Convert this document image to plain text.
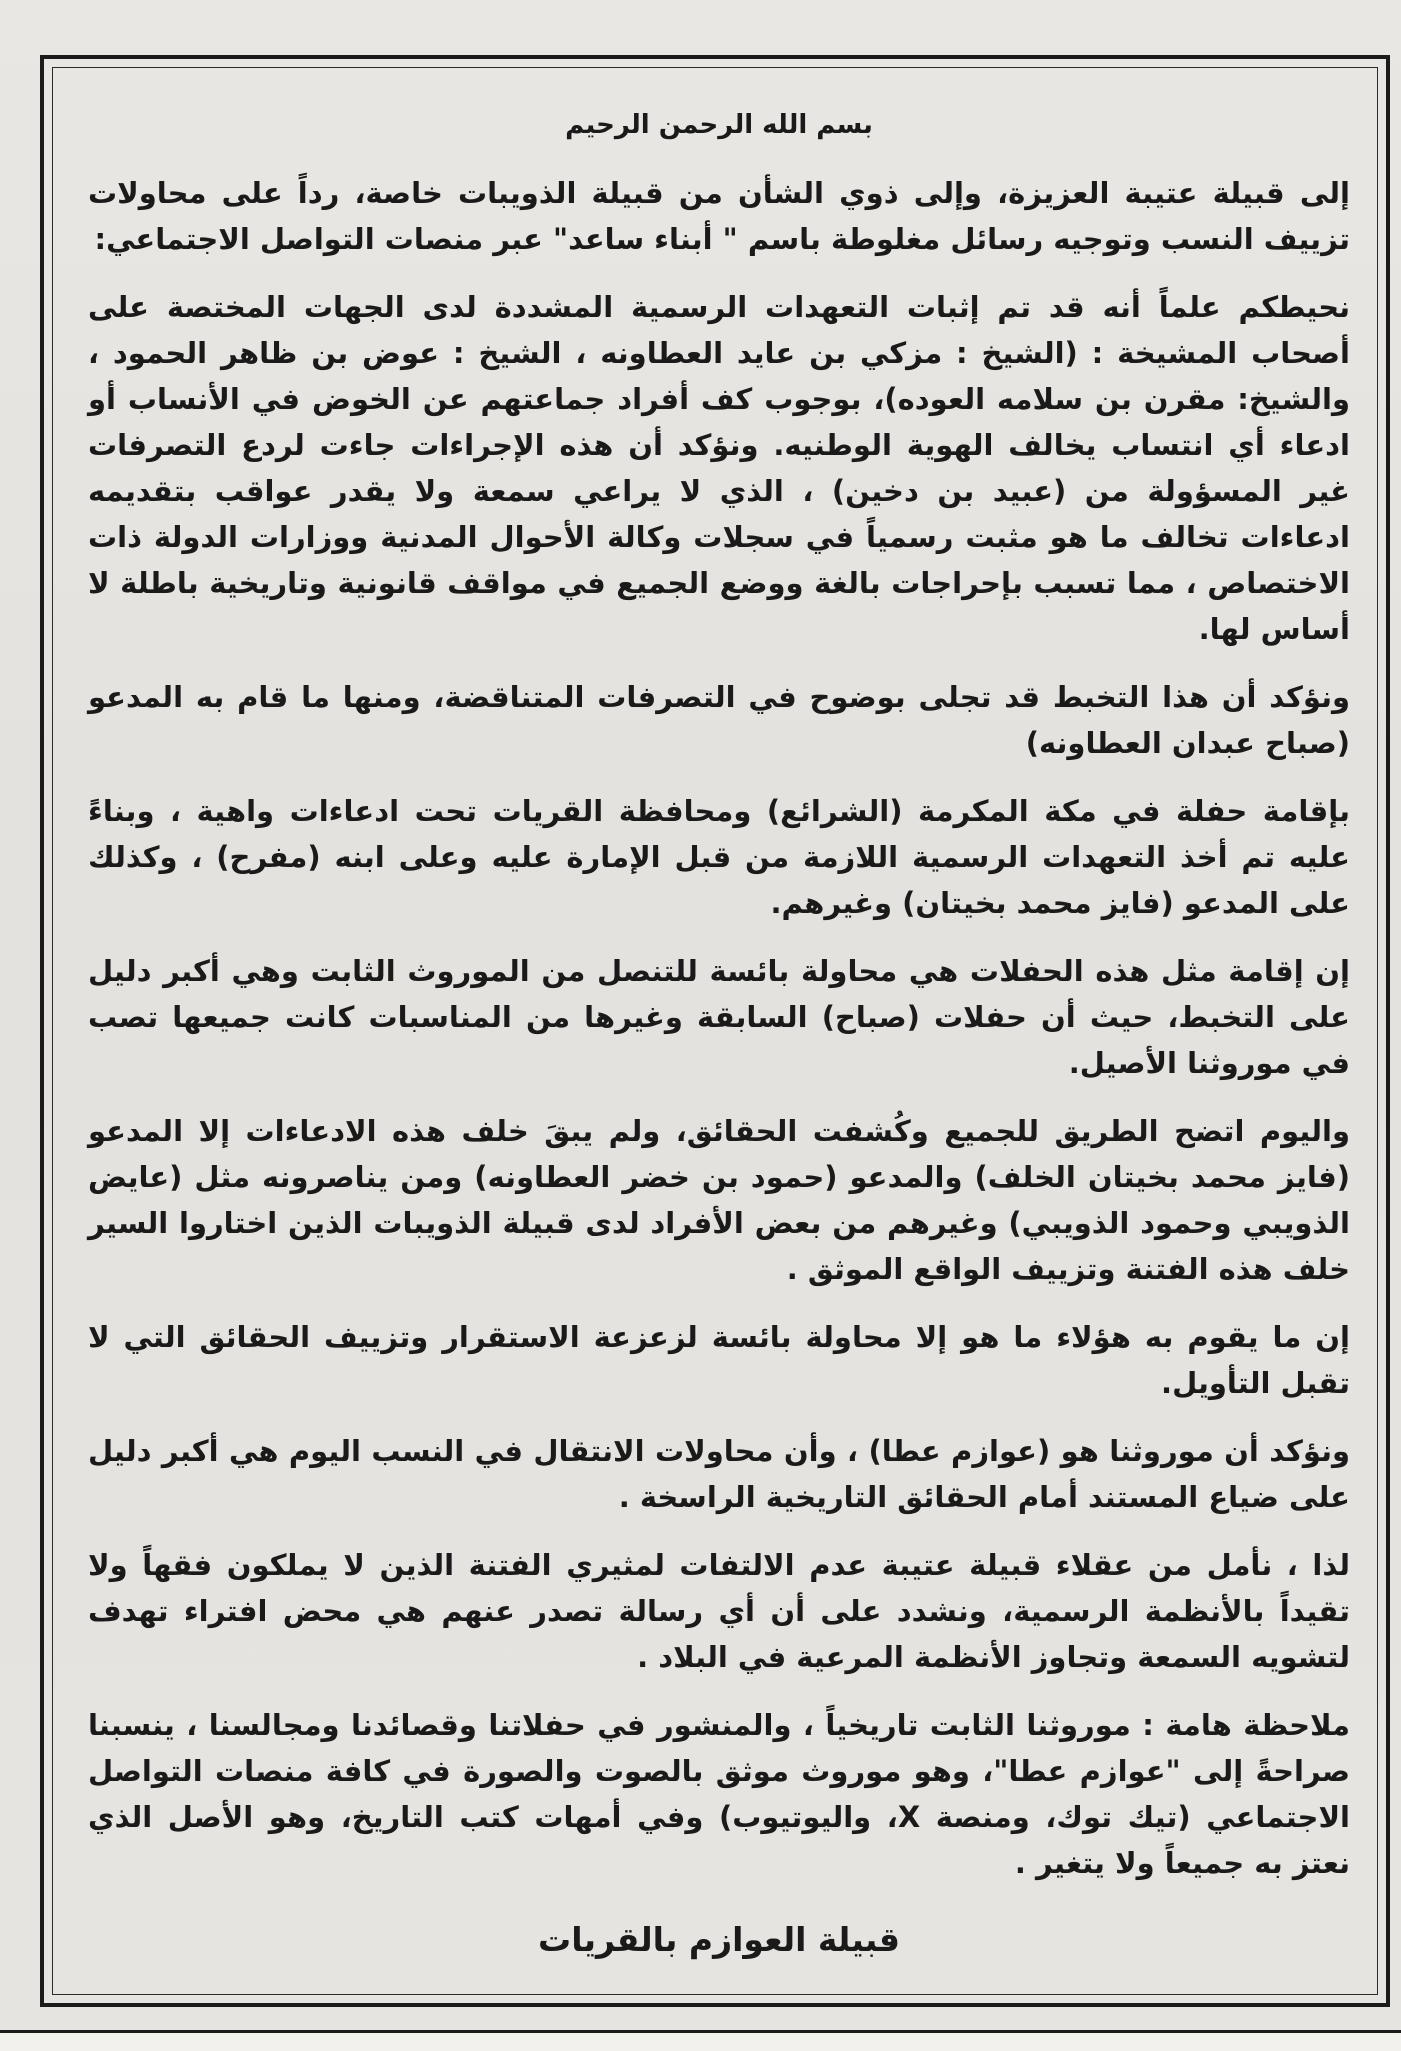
بسم الله الرحمن الرحيم

إلى قبيلة عتيبة العزيزة، وإلى ذوي الشأن من قبيلة الذويبات خاصة، رداً على محاولات تزييف النسب وتوجيه رسائل مغلوطة باسم " أبناء ساعد" عبر منصات التواصل الاجتماعي:

نحيطكم علماً أنه قد تم إثبات التعهدات الرسمية المشددة لدى الجهات المختصة على أصحاب المشيخة : (الشيخ : مزكي بن عايد العطاونه ، الشيخ : عوض بن ظاهر الحمود ، والشيخ: مقرن بن سلامه العوده)، بوجوب كف أفراد جماعتهم عن الخوض في الأنساب أو ادعاء أي انتساب يخالف الهوية الوطنيه. ونؤكد أن هذه الإجراءات جاءت لردع التصرفات غير المسؤولة من (عبيد بن دخين) ، الذي لا يراعي سمعة ولا يقدر عواقب بتقديمه ادعاءات تخالف ما هو مثبت رسمياً في سجلات وكالة الأحوال المدنية ووزارات الدولة ذات الاختصاص ، مما تسبب بإحراجات بالغة ووضع الجميع في مواقف قانونية وتاريخية باطلة لا أساس لها.

ونؤكد أن هذا التخبط قد تجلى بوضوح في التصرفات المتناقضة، ومنها ما قام به المدعو (صباح عبدان العطاونه)

بإقامة حفلة في مكة المكرمة (الشرائع) ومحافظة القريات تحت ادعاءات واهية ، وبناءً عليه تم أخذ التعهدات الرسمية اللازمة من قبل الإمارة عليه وعلى ابنه (مفرح) ، وكذلك على المدعو (فايز محمد بخيتان) وغيرهم.

إن إقامة مثل هذه الحفلات هي محاولة بائسة للتنصل من الموروث الثابت وهي أكبر دليل على التخبط، حيث أن حفلات (صباح) السابقة وغيرها من المناسبات كانت جميعها تصب في موروثنا الأصيل.

واليوم اتضح الطريق للجميع وكُشفت الحقائق، ولم يبقَ خلف هذه الادعاءات إلا المدعو (فايز محمد بخيتان الخلف) والمدعو (حمود بن خضر العطاونه) ومن يناصرونه مثل (عايض الذويبي وحمود الذويبي) وغيرهم من بعض الأفراد لدى قبيلة الذويبات الذين اختاروا السير خلف هذه الفتنة وتزييف الواقع الموثق .

إن ما يقوم به هؤلاء ما هو إلا محاولة بائسة لزعزعة الاستقرار وتزييف الحقائق التي لا تقبل التأويل.

ونؤكد أن موروثنا هو (عوازم عطا) ، وأن محاولات الانتقال في النسب اليوم هي أكبر دليل على ضياع المستند أمام الحقائق التاريخية الراسخة .

لذا ، نأمل من عقلاء قبيلة عتيبة عدم الالتفات لمثيري الفتنة الذين لا يملكون فقهاً ولا تقيداً بالأنظمة الرسمية، ونشدد على أن أي رسالة تصدر عنهم هي محض افتراء تهدف لتشويه السمعة وتجاوز الأنظمة المرعية في البلاد .

ملاحظة هامة : موروثنا الثابت تاريخياً ، والمنشور في حفلاتنا وقصائدنا ومجالسنا ، ينسبنا صراحةً إلى "عوازم عطا"، وهو موروث موثق بالصوت والصورة في كافة منصات التواصل الاجتماعي (تيك توك، ومنصة X، واليوتيوب) وفي أمهات كتب التاريخ، وهو الأصل الذي نعتز به جميعاً ولا يتغير .

قبيلة العوازم بالقريات
